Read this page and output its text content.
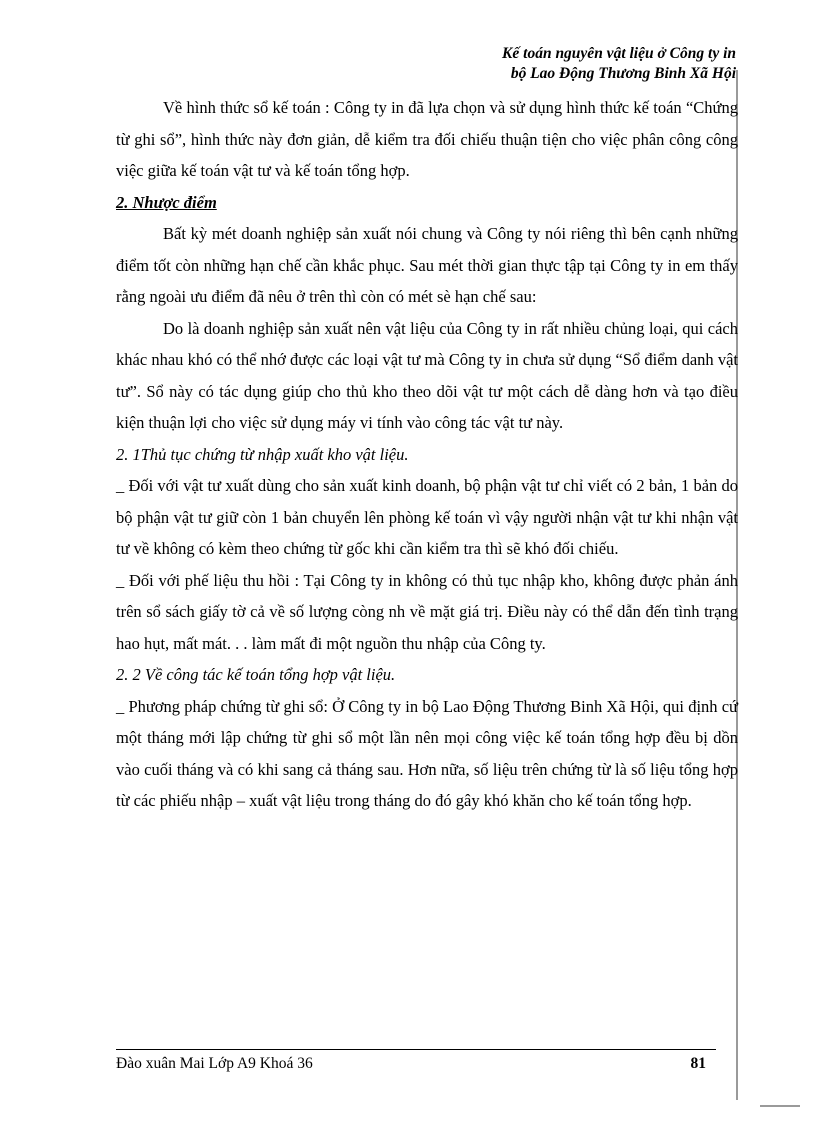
Kế toán nguyên vật liệu ở Công ty in
bộ Lao Động Thương Binh Xã Hội

Về hình thức sổ kế toán : Công ty in đã lựa chọn và sử dụng hình thức kế toán “Chứng từ ghi sổ”, hình thức này đơn giản, dễ kiểm tra đối chiếu thuận tiện cho việc phân công công việc giữa kế toán vật tư và kế toán tổng hợp.

2. Nhược điểm

Bất kỳ mét doanh nghiệp sản xuất nói chung và Công ty nói riêng thì bên cạnh những điểm tốt còn những hạn chế cần khắc phục. Sau mét thời gian thực tập tại Công ty in em thấy rằng ngoài ưu điểm đã nêu ở trên thì còn có mét sè hạn chế sau:

Do là doanh nghiệp sản xuất nên vật liệu của Công ty in rất nhiều chủng loại, qui cách khác nhau khó có thể nhớ được các loại vật tư mà Công ty in chưa sử dụng “Sổ điểm danh vật tư”. Sổ này có tác dụng giúp cho thủ kho theo dõi vật tư một cách dễ dàng hơn và tạo điều kiện thuận lợi cho việc sử dụng máy vi tính vào công tác vật tư này.

2. 1Thủ tục chứng từ nhập xuất kho vật liệu.

_ Đối với vật tư xuất dùng cho sản xuất kinh doanh, bộ phận vật tư chỉ viết có 2 bản, 1 bản do bộ phận vật tư giữ còn 1 bản chuyển lên phòng kế toán vì vậy người nhận vật tư khi nhận vật tư về không có kèm theo chứng từ gốc khi cần kiểm tra thì sẽ khó đối chiếu.

_ Đối với phế liệu thu hồi : Tại Công ty in không có thủ tục nhập kho, không được phản ánh trên sổ sách giấy tờ cả về số lượng còng nh về mặt giá trị. Điều này có thể dẫn đến tình trạng hao hụt, mất mát. . . làm mất đi một nguồn thu nhập của Công ty.

2. 2 Về công tác kế toán tổng hợp vật liệu.

_ Phương pháp chứng từ ghi sổ: Ở Công ty in bộ Lao Động Thương Binh Xã Hội, qui định cứ một tháng mới lập chứng từ ghi sổ một lần nên mọi công việc kế toán tổng hợp đều bị dồn vào cuối tháng và có khi sang cả tháng sau. Hơn nữa, số liệu trên chứng từ là số liệu tổng hợp từ các phiếu nhập – xuất vật liệu trong tháng do đó gây khó khăn cho kế toán tổng hợp.

Đào xuân Mai Lớp A9 Khoá 36	81
